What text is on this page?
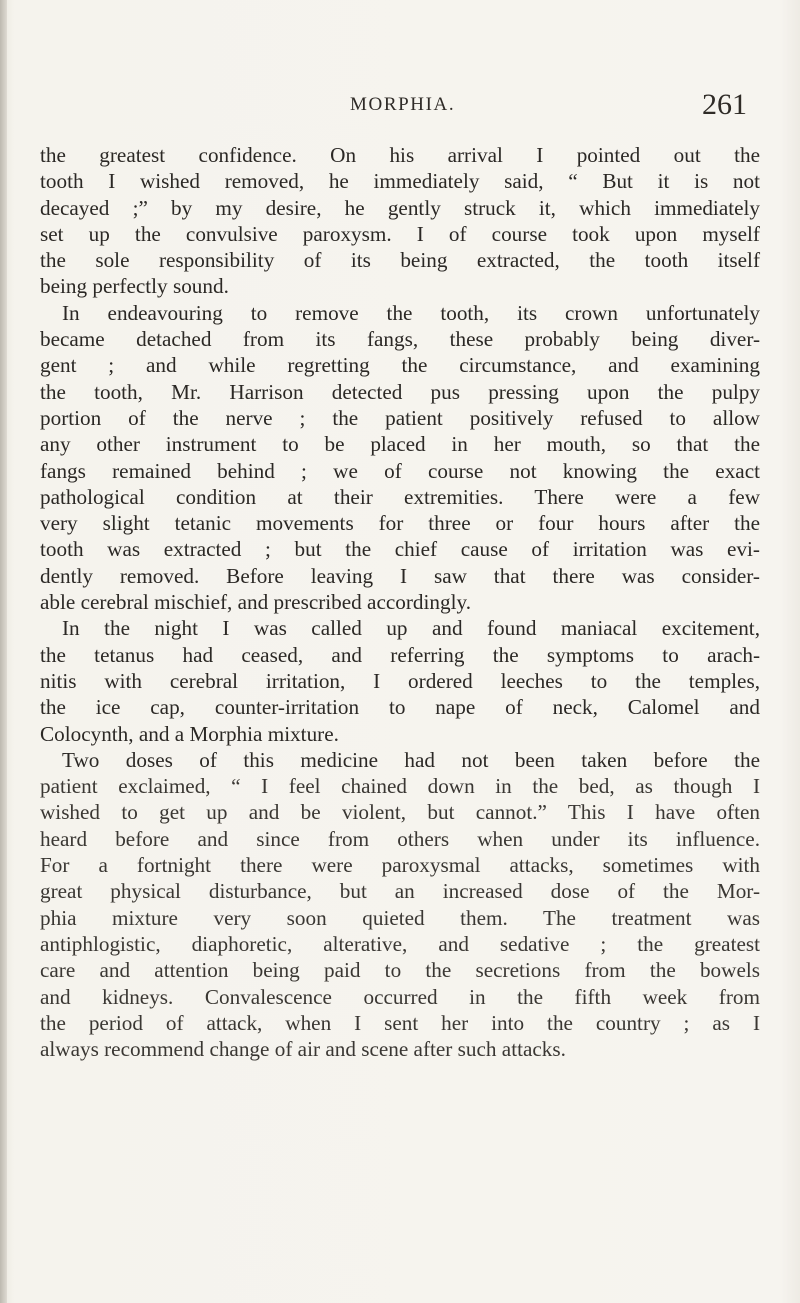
MORPHIA.	261
the greatest confidence. On his arrival I pointed out the
tooth I wished removed, he immediately said, “ But it is not
decayed ;” by my desire, he gently struck it, which immediately
set up the convulsive paroxysm. I of course took upon myself
the sole responsibility of its being extracted, the tooth itself
being perfectly sound.
In endeavouring to remove the tooth, its crown unfortunately
became detached from its fangs, these probably being diver-
gent ; and while regretting the circumstance, and examining
the tooth, Mr. Harrison detected pus pressing upon the pulpy
portion of the nerve ; the patient positively refused to allow
any other instrument to be placed in her mouth, so that the
fangs remained behind ; we of course not knowing the exact
pathological condition at their extremities. There were a few
very slight tetanic movements for three or four hours after the
tooth was extracted ; but the chief cause of irritation was evi-
dently removed. Before leaving I saw that there was consider-
able cerebral mischief, and prescribed accordingly.
In the night I was called up and found maniacal excitement,
the tetanus had ceased, and referring the symptoms to arach-
nitis with cerebral irritation, I ordered leeches to the temples,
the ice cap, counter-irritation to nape of neck, Calomel and
Colocynth, and a Morphia mixture.
Two doses of this medicine had not been taken before the
patient exclaimed, “ I feel chained down in the bed, as though I
wished to get up and be violent, but cannot.” This I have often
heard before and since from others when under its influence.
For a fortnight there were paroxysmal attacks, sometimes with
great physical disturbance, but an increased dose of the Mor-
phia mixture very soon quieted them. The treatment was
antiphlogistic, diaphoretic, alterative, and sedative ; the greatest
care and attention being paid to the secretions from the bowels
and kidneys. Convalescence occurred in the fifth week from
the period of attack, when I sent her into the country ; as I
always recommend change of air and scene after such attacks.
